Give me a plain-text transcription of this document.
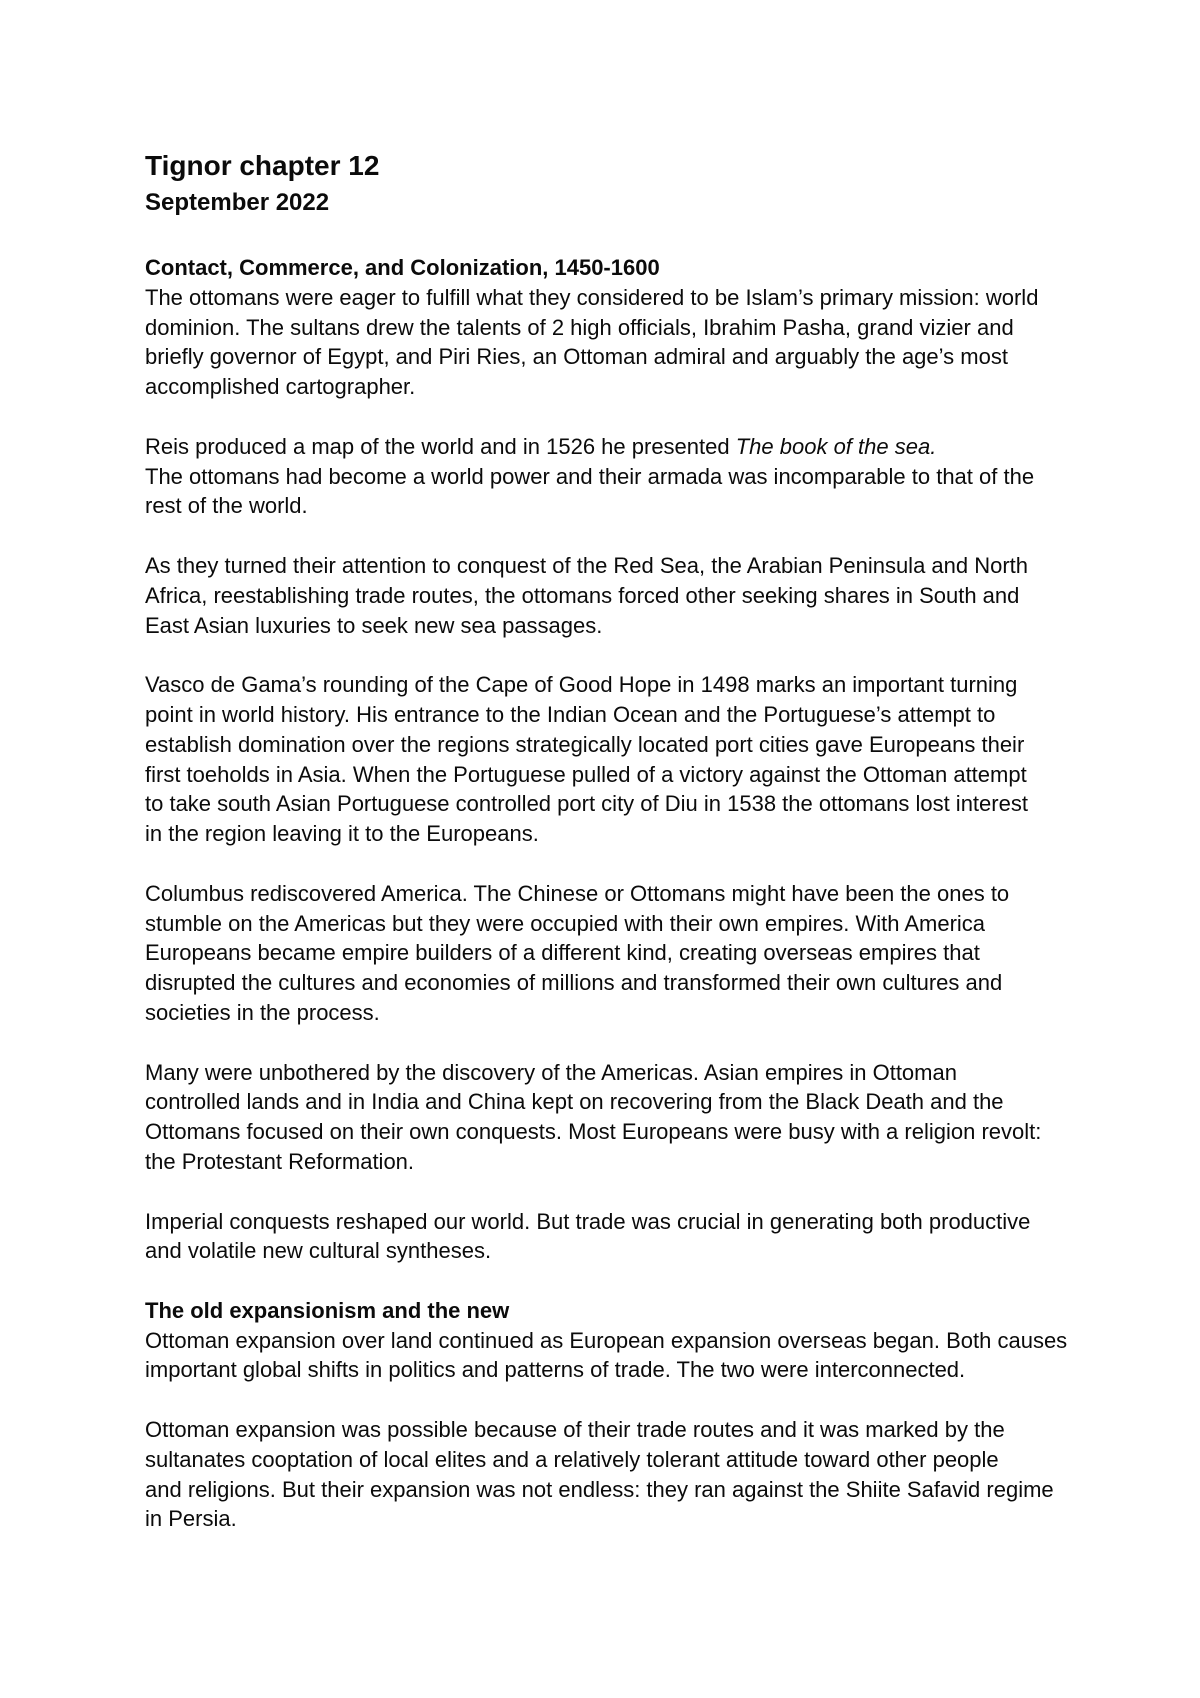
Tignor chapter 12
September 2022
Contact, Commerce, and Colonization, 1450-1600
The ottomans were eager to fulfill what they considered to be Islam’s primary mission: world
dominion. The sultans drew the talents of 2 high officials, Ibrahim Pasha, grand vizier and
briefly governor of Egypt, and Piri Ries, an Ottoman admiral and arguably the age’s most
accomplished cartographer.
Reis produced a map of the world and in 1526 he presented The book of the sea.
The ottomans had become a world power and their armada was incomparable to that of the
rest of the world.
As they turned their attention to conquest of the Red Sea, the Arabian Peninsula and North
Africa, reestablishing trade routes, the ottomans forced other seeking shares in South and
East Asian luxuries to seek new sea passages.
Vasco de Gama’s rounding of the Cape of Good Hope in 1498 marks an important turning
point in world history. His entrance to the Indian Ocean and the Portuguese’s attempt to
establish domination over the regions strategically located port cities gave Europeans their
first toeholds in Asia. When the Portuguese pulled of a victory against the Ottoman attempt
to take south Asian Portuguese controlled port city of Diu in 1538 the ottomans lost interest
in the region leaving it to the Europeans.
Columbus rediscovered America. The Chinese or Ottomans might have been the ones to
stumble on the Americas but they were occupied with their own empires. With America
Europeans became empire builders of a different kind, creating overseas empires that
disrupted the cultures and economies of millions and transformed their own cultures and
societies in the process.
Many were unbothered by the discovery of the Americas. Asian empires in Ottoman
controlled lands and in India and China kept on recovering from the Black Death and the
Ottomans focused on their own conquests. Most Europeans were busy with a religion revolt:
the Protestant Reformation.
Imperial conquests reshaped our world. But trade was crucial in generating both productive
and volatile new cultural syntheses.
The old expansionism and the new
Ottoman expansion over land continued as European expansion overseas began. Both causes
important global shifts in politics and patterns of trade. The two were interconnected.
Ottoman expansion was possible because of their trade routes and it was marked by the
sultanates cooptation of local elites and a relatively tolerant attitude toward other people
and religions. But their expansion was not endless: they ran against the Shiite Safavid regime
in Persia.
